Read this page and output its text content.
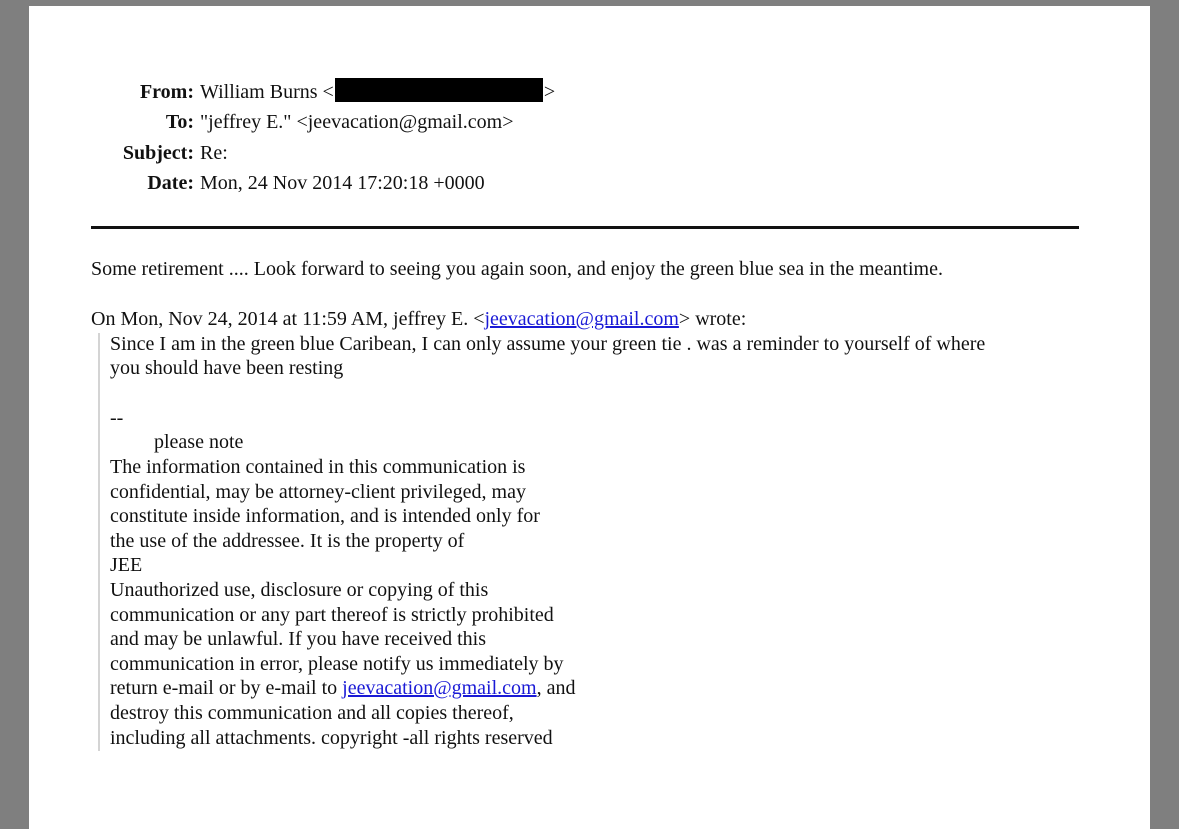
From: William Burns <	>
To: "jeffrey E." <jeevacation@gmail.com>
Subject: Re:
Date: Mon, 24 Nov 2014 17:20:18 +0000
Some retirement .... Look forward to seeing you again soon, and enjoy the green blue sea in the meantime.
On Mon, Nov 24, 2014 at 11:59 AM, jeffrey E. <jeevacation@gmail.com> wrote:
Since I am in the green blue Caribean, I can only assume your green tie . was a reminder to yourself of where
you should have been resting
--
please note
The information contained in this communication is
confidential, may be attorney-client privileged, may
constitute inside information, and is intended only for
the use of the addressee. It is the property of
JEE
Unauthorized use, disclosure or copying of this
communication or any part thereof is strictly prohibited
and may be unlawful. If you have received this
communication in error, please notify us immediately by
return e-mail or by e-mail to jeevacation@gmail.com, and
destroy this communication and all copies thereof,
including all attachments. copyright -all rights reserved
